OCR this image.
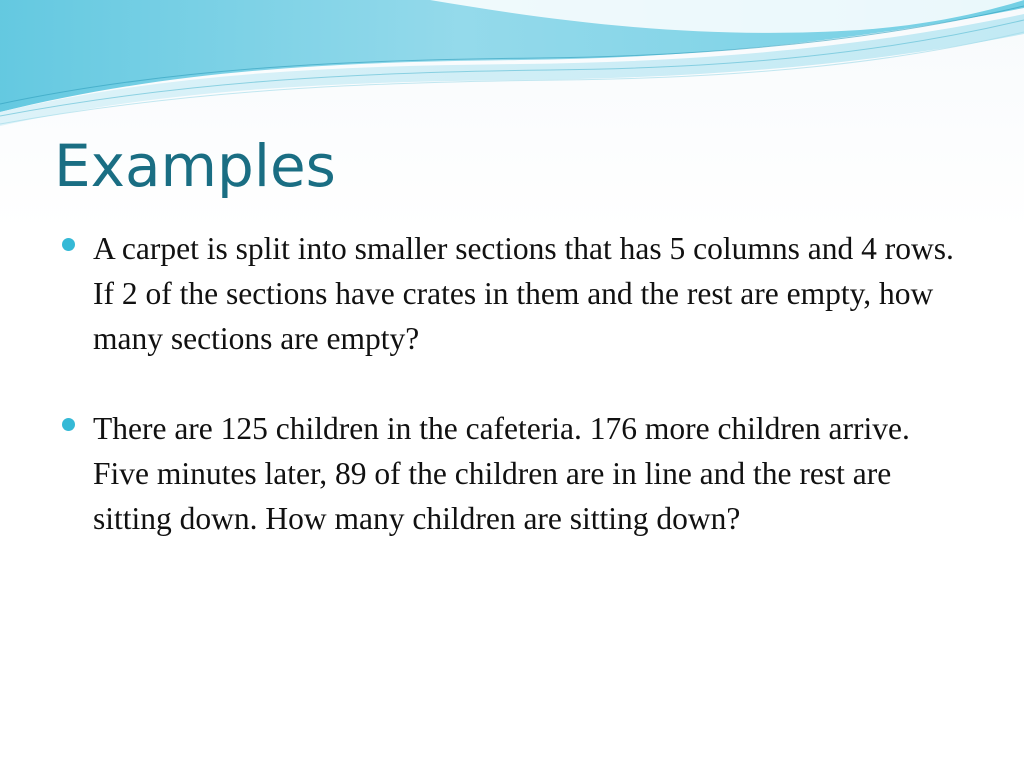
Examples
A carpet is split into smaller sections that has 5 columns and 4 rows. If 2 of the sections have crates in them and the rest are empty, how many sections are empty?
There are 125 children in the cafeteria. 176 more children arrive. Five minutes later, 89 of the children are in line and the rest are sitting down. How many children are sitting down?
